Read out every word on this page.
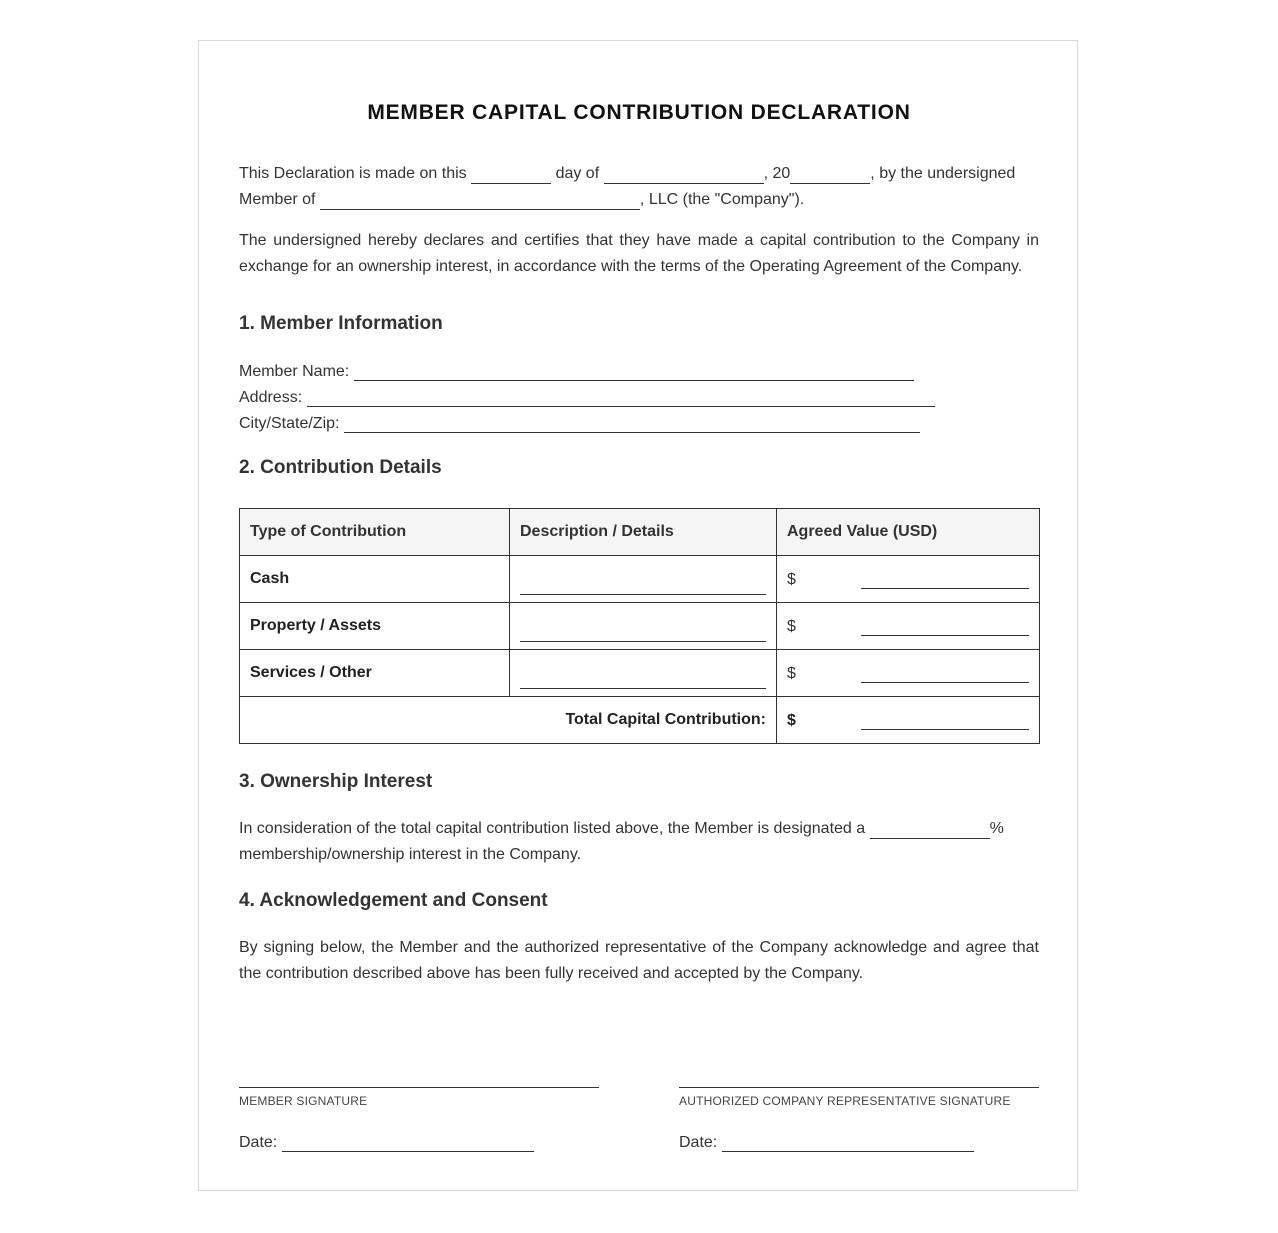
MEMBER CAPITAL CONTRIBUTION DECLARATION
This Declaration is made on this	day of	, 20	, by the undersigned
Member of	, LLC (the "Company").
The undersigned hereby declares and certifies that they have made a capital contribution to the Company in exchange for an ownership interest, in accordance with the terms of the Operating Agreement of the Company.
1. Member Information
Member Name:
Address:
City/State/Zip:
2. Contribution Details
Type of Contribution	Description / Details	Agreed Value (USD)
Cash		$

Property / Assets		$

Services / Other		$

Total Capital Contribution:		$
3. Ownership Interest
In consideration of the total capital contribution listed above, the Member is designated a	%
membership/ownership interest in the Company.
4. Acknowledgement and Consent
By signing below, the Member and the authorized representative of the Company acknowledge and agree that the contribution described above has been fully received and accepted by the Company.
MEMBER SIGNATURE
Date:
AUTHORIZED COMPANY REPRESENTATIVE SIGNATURE
Date:
